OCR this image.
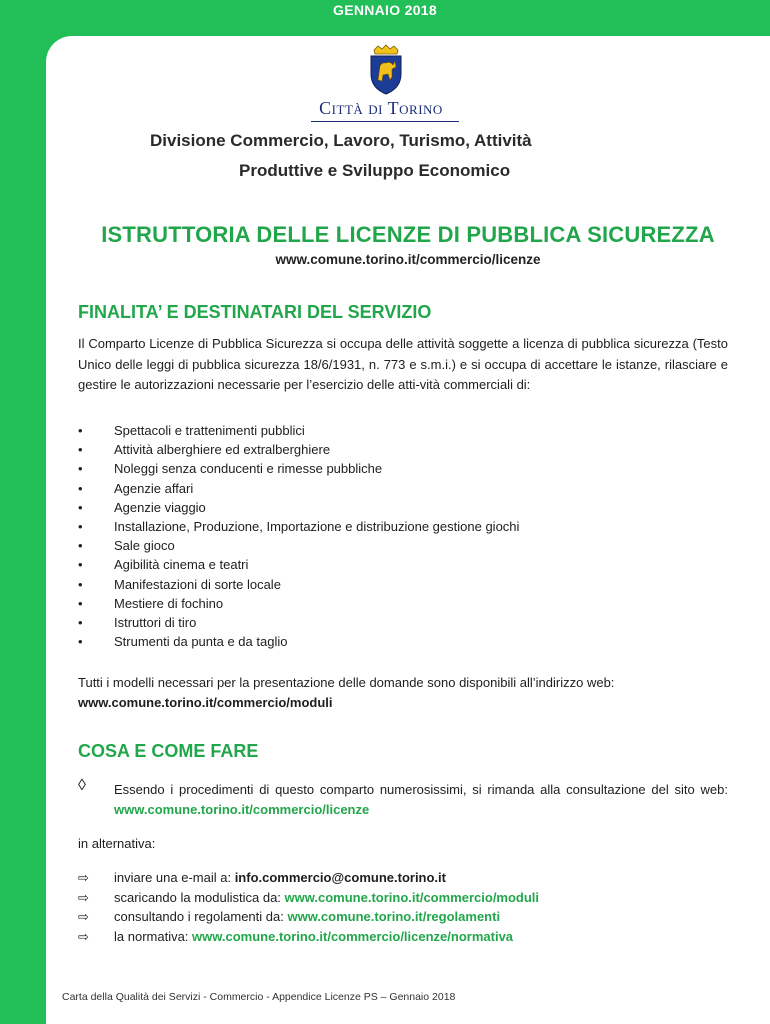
GENNAIO 2018
Città di Torino
Divisione Commercio, Lavoro, Turismo, Attività
Produttive e Sviluppo Economico
ISTRUTTORIA DELLE LICENZE DI PUBBLICA SICUREZZA
www.comune.torino.it/commercio/licenze
FINALITA’ E DESTINATARI DEL SERVIZIO
Il Comparto Licenze di Pubblica Sicurezza si occupa delle attività soggette a licenza di pubblica sicurezza (Testo Unico delle leggi di pubblica sicurezza 18/6/1931, n. 773 e s.m.i.) e si occupa di accettare le istanze, rilasciare e gestire le autorizzazioni necessarie per l’esercizio delle atti-vità commerciali di:
• Spettacoli e trattenimenti pubblici
• Attività alberghiere ed extralberghiere
• Noleggi senza conducenti e rimesse pubbliche
• Agenzie affari
• Agenzie viaggio
• Installazione, Produzione, Importazione e distribuzione gestione giochi
• Sale gioco
• Agibilità cinema e teatri
• Manifestazioni di sorte locale
• Mestiere di fochino
• Istruttori di tiro
• Strumenti da punta e da taglio
Tutti i modelli necessari per la presentazione delle domande sono disponibili all’indirizzo web:
www.comune.torino.it/commercio/moduli
COSA E COME FARE
◊ Essendo i procedimenti di questo comparto numerosissimi, si rimanda alla consultazione del sito web: www.comune.torino.it/commercio/licenze
in alternativa:
⇨ inviare una e-mail a: info.commercio@comune.torino.it
⇨ scaricando la modulistica da: www.comune.torino.it/commercio/moduli
⇨ consultando i regolamenti da: www.comune.torino.it/regolamenti
⇨ la normativa: www.comune.torino.it/commercio/licenze/normativa
Carta della Qualità dei Servizi - Commercio - Appendice Licenze PS – Gennaio 2018
